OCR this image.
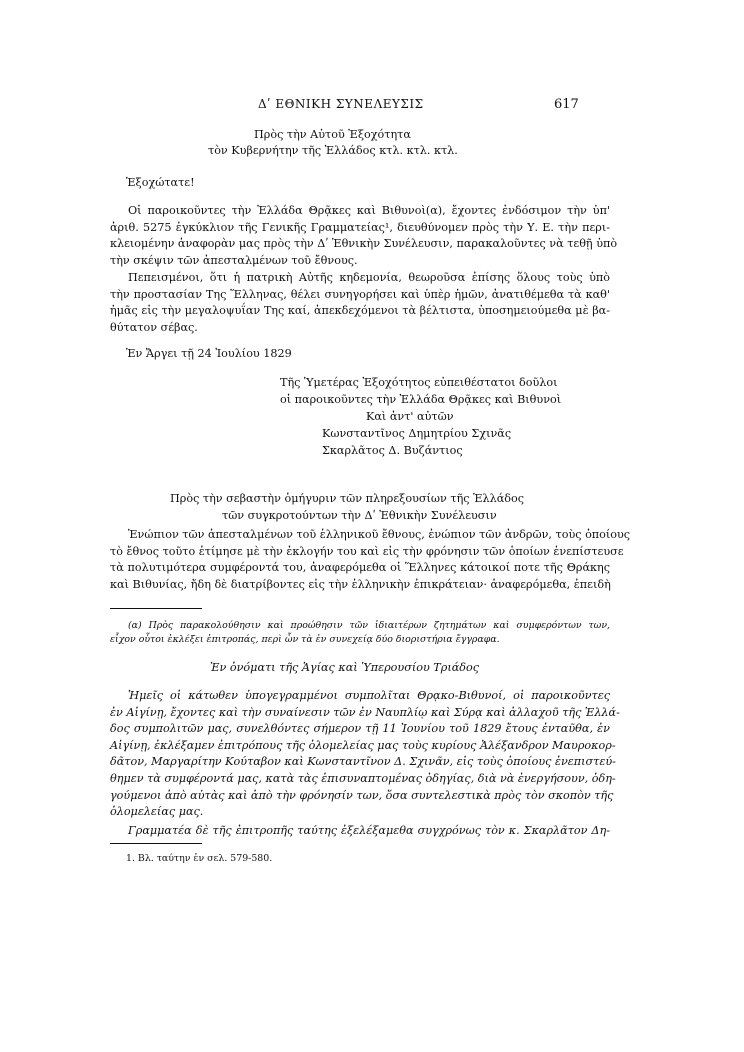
Δʹ ΕΘΝΙΚΗ ΣΥΝΕΛΕΥΣΙΣ	617
Πρὸς τὴν Αὐτοῦ Ἐξοχότητα
τὸν Κυβερνήτην τῆς Ἑλλάδος κτλ. κτλ. κτλ.
Ἐξοχώτατε!
Οἱ παροικοῦντες τὴν Ἑλλάδα Θρᾷκες καὶ Βιθυνοὶ(α), ἔχοντες ἐνδόσιμον τὴν ὑπ'
ἀριθ. 5275 ἐγκύκλιον τῆς Γενικῆς Γραμματείας¹, διευθύνομεν πρὸς τὴν Υ. Ε. τὴν περι-
κλειομένην ἀναφορὰν μας πρὸς τὴν Δʹ Ἐθνικὴν Συνέλευσιν, παρακαλοῦντες νὰ τεθῇ ὑπὸ
τὴν σκέψιν τῶν ἀπεσταλμένων τοῦ ἔθνους.
Πεπεισμένοι, ὅτι ἡ πατρικὴ Αὐτῆς κηδεμονία, θεωροῦσα ἐπίσης ὅλους τοὺς ὑπὸ
τὴν προστασίαν Της Ἕλληνας, θέλει συνηγορήσει καὶ ὑπὲρ ἡμῶν, ἀνατιθέμεθα τὰ καθ'
ἡμᾶς εἰς τὴν μεγαλοψυΐαν Της καί, ἀπεκδεχόμενοι τὰ βέλτιστα, ὑποσημειούμεθα μὲ βα-
θύτατον σέβας.
Ἐν Ἄργει τῇ 24 Ἰουλίου 1829
Τῆς Ὑμετέρας Ἐξοχότητος εὐπειθέστατοι δοῦλοι
οἱ παροικοῦντες τὴν Ἑλλάδα Θρᾷκες καὶ Βιθυνοὶ
Καὶ ἀντ' αὐτῶν
Κωνσταντῖνος Δημητρίου Σχινᾶς
Σκαρλᾶτος Δ. Βυζάντιος
Πρὸς τὴν σεβαστὴν ὁμήγυριν τῶν πληρεξουσίων τῆς Ἑλλάδος
τῶν συγκροτούντων τὴν Δʹ Ἐθνικὴν Συνέλευσιν
Ἐνώπιον τῶν ἀπεσταλμένων τοῦ ἑλληνικοῦ ἔθνους, ἐνώπιον τῶν ἀνδρῶν, τοὺς ὁποίους
τὸ ἔθνος τοῦτο ἐτίμησε μὲ τὴν ἐκλογήν του καὶ εἰς τὴν φρόνησιν τῶν ὁποίων ἐνεπίστευσε
τὰ πολυτιμότερα συμφέροντά του, ἀναφερόμεθα οἱ Ἕλληνες κάτοικοί ποτε τῆς Θράκης
καὶ Βιθυνίας, ἤδη δὲ διατρίβοντες εἰς τὴν ἑλληνικὴν ἐπικράτειαν· ἀναφερόμεθα, ἐπειδὴ
(α) Πρὸς παρακολούθησιν καὶ προώθησιν τῶν ἰδιαιτέρων ζητημάτων καὶ συμφερόντων των,
εἶχον οὗτοι ἐκλέξει ἐπιτροπάς, περὶ ὧν τὰ ἐν συνεχείᾳ δύο διοριστήρια ἔγγραφα.
Ἐν ὀνόματι τῆς Ἁγίας καὶ Ὑπερουσίου Τριάδος
Ἡμεῖς οἱ κάτωθεν ὑπογεγραμμένοι συμπολῖται Θρᾳκο-Βιθυνοί, οἱ παροικοῦντες
ἐν Αἰγίνῃ, ἔχοντες καὶ τὴν συναίνεσιν τῶν ἐν Ναυπλίῳ καὶ Σύρᾳ καὶ ἀλλαχοῦ τῆς Ἑλλά-
δος συμπολιτῶν μας, συνελθόντες σήμερον τῇ 11 Ἰουνίου τοῦ 1829 ἔτους ἐνταῦθα, ἐν
Αἰγίνῃ, ἐκλέξαμεν ἐπιτρόπους τῆς ὁλομελείας μας τοὺς κυρίους Ἀλέξανδρον Μαυροκορ-
δᾶτον, Μαργαρίτην Κούταβον καὶ Κωνσταντῖνον Δ. Σχινᾶν, εἰς τοὺς ὁποίους ἐνεπιστεύ-
θημεν τὰ συμφέροντά μας, κατὰ τὰς ἐπισυναπτομένας ὁδηγίας, διὰ νὰ ἐνεργήσουν, ὁδη-
γούμενοι ἀπὸ αὐτὰς καὶ ἀπὸ τὴν φρόνησίν των, ὅσα συντελεστικὰ πρὸς τὸν σκοπὸν τῆς
ὁλομελείας μας.
Γραμματέα δὲ τῆς ἐπιτροπῆς ταύτης ἐξελέξαμεθα συγχρόνως τὸν κ. Σκαρλᾶτον Δη-
1. Βλ. ταύτην ἐν σελ. 579-580.
